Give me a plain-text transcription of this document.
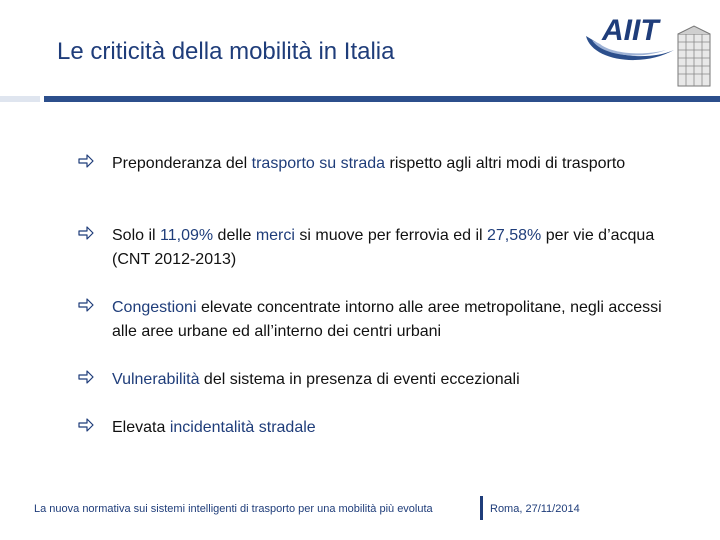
Le criticità della mobilità in Italia
AIIT
Preponderanza del trasporto su strada rispetto agli altri modi di trasporto
Solo il 11,09% delle merci si muove per ferrovia ed il 27,58% per vie d’acqua (CNT 2012-2013)
Congestioni elevate concentrate intorno alle aree metropolitane, negli accessi alle aree urbane ed all’interno dei centri urbani
Vulnerabilità del sistema in presenza di eventi eccezionali
Elevata incidentalità stradale
La nuova normativa sui sistemi intelligenti di trasporto per una mobilità più evoluta	Roma, 27/11/2014
